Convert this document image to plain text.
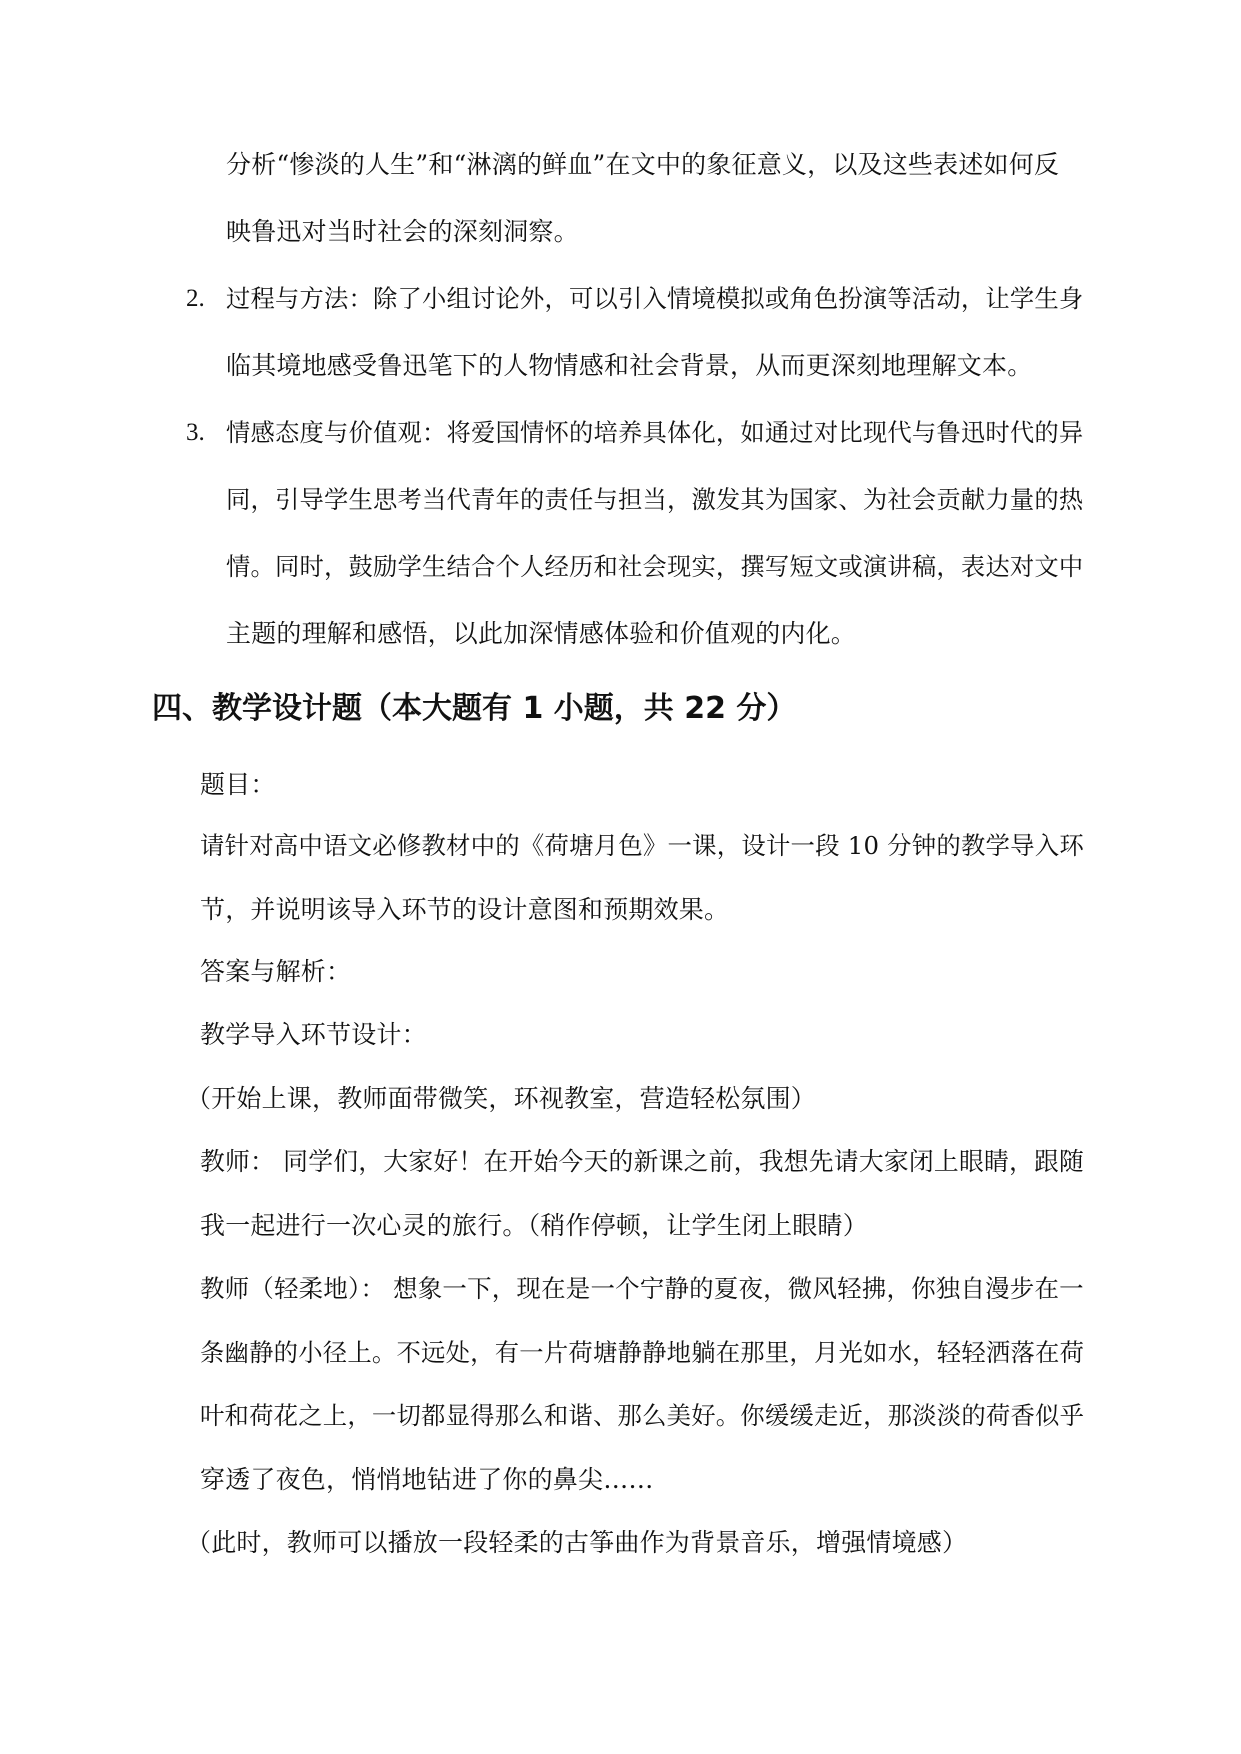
分析“惨淡的人生”和“淋漓的鲜血”在文中的象征意义，以及这些表述如何反
映鲁迅对当时社会的深刻洞察。
2. 过程与方法：除了小组讨论外，可以引入情境模拟或角色扮演等活动，让学生身
临其境地感受鲁迅笔下的人物情感和社会背景，从而更深刻地理解文本。
3. 情感态度与价值观：将爱国情怀的培养具体化，如通过对比现代与鲁迅时代的异
同，引导学生思考当代青年的责任与担当，激发其为国家、为社会贡献力量的热
情。同时，鼓励学生结合个人经历和社会现实，撰写短文或演讲稿，表达对文中
主题的理解和感悟，以此加深情感体验和价值观的内化。
四、教学设计题（本大题有 1 小题，共 22 分）
题目：
请针对高中语文必修教材中的《荷塘月色》一课，设计一段 10 分钟的教学导入环
节，并说明该导入环节的设计意图和预期效果。
答案与解析：
教学导入环节设计：
（开始上课，教师面带微笑，环视教室，营造轻松氛围）
教师： 同学们，大家好！在开始今天的新课之前，我想先请大家闭上眼睛，跟随
我一起进行一次心灵的旅行。（稍作停顿，让学生闭上眼睛）
教师（轻柔地）： 想象一下，现在是一个宁静的夏夜，微风轻拂，你独自漫步在一
条幽静的小径上。不远处，有一片荷塘静静地躺在那里，月光如水，轻轻洒落在荷
叶和荷花之上，一切都显得那么和谐、那么美好。你缓缓走近，那淡淡的荷香似乎
穿透了夜色，悄悄地钻进了你的鼻尖……
（此时，教师可以播放一段轻柔的古筝曲作为背景音乐，增强情境感）
